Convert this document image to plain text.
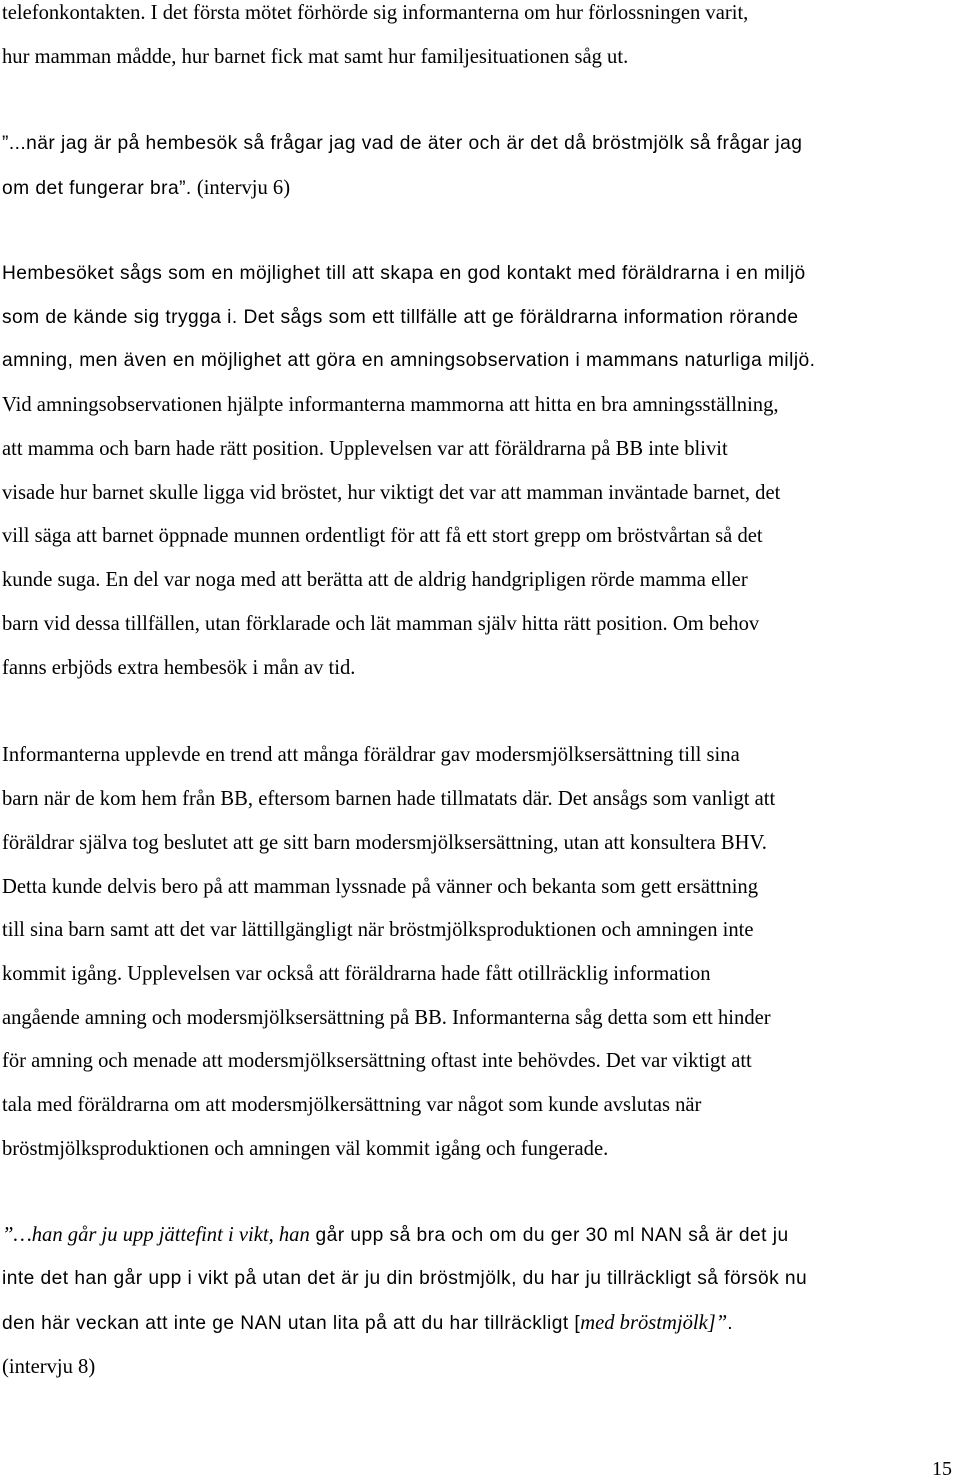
telefonkontakten. I det första mötet förhörde sig informanterna om hur förlossningen varit,
hur mamman mådde, hur barnet fick mat samt hur familjesituationen såg ut.
”...när jag är på hembesök så frågar jag vad de äter och är det då bröstmjölk så frågar jag
om det fungerar bra”. (intervju 6)
Hembesöket sågs som en möjlighet till att skapa en god kontakt med föräldrarna i en miljö
som de kände sig trygga i. Det sågs som ett tillfälle att ge föräldrarna information rörande
amning, men även en möjlighet att göra en amningsobservation i mammans naturliga miljö.
Vid amningsobservationen hjälpte informanterna mammorna att hitta en bra amningsställning,
att mamma och barn hade rätt position. Upplevelsen var att föräldrarna på BB inte blivit
visade hur barnet skulle ligga vid bröstet, hur viktigt det var att mamman inväntade barnet, det
vill säga att barnet öppnade munnen ordentligt för att få ett stort grepp om bröstvårtan så det
kunde suga. En del var noga med att berätta att de aldrig handgripligen rörde mamma eller
barn vid dessa tillfällen, utan förklarade och lät mamman själv hitta rätt position. Om behov
fanns erbjöds extra hembesök i mån av tid.
Informanterna upplevde en trend att många föräldrar gav modersmjölksersättning till sina
barn när de kom hem från BB, eftersom barnen hade tillmatats där. Det ansågs som vanligt att
föräldrar själva tog beslutet att ge sitt barn modersmjölksersättning, utan att konsultera BHV.
Detta kunde delvis bero på att mamman lyssnade på vänner och bekanta som gett ersättning
till sina barn samt att det var lättillgängligt när bröstmjölksproduktionen och amningen inte
kommit igång. Upplevelsen var också att föräldrarna hade fått otillräcklig information
angående amning och modersmjölksersättning på BB. Informanterna såg detta som ett hinder
för amning och menade att modersmjölksersättning oftast inte behövdes. Det var viktigt att
tala med föräldrarna om att modersmjölkersättning var något som kunde avslutas när
bröstmjölksproduktionen och amningen väl kommit igång och fungerade.
”…han går ju upp jättefint i vikt, han går upp så bra och om du ger 30 ml NAN så är det ju
inte det han går upp i vikt på utan det är ju din bröstmjölk, du har ju tillräckligt så försök nu
den här veckan att inte ge NAN utan lita på att du har tillräckligt [med bröstmjölk]”.
(intervju 8)
15
